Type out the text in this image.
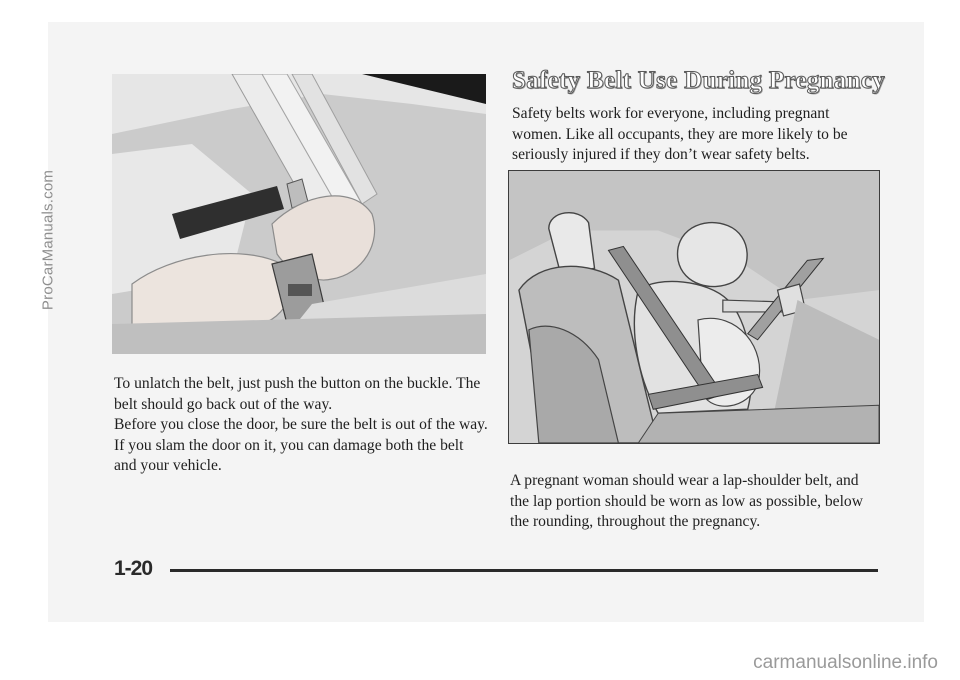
ProCarManuals.com
Safety Belt Use During Pregnancy

Safety belts work for everyone, including pregnant women. Like all occupants, they are more likely to be seriously injured if they don’t wear safety belts.

To unlatch the belt, just push the button on the buckle. The belt should go back out of the way.

Before you close the door, be sure the belt is out of the way. If you slam the door on it, you can damage both the belt and your vehicle.

A pregnant woman should wear a lap-shoulder belt, and the lap portion should be worn as low as possible, below the rounding, throughout the pregnancy.

1-20
carmanualsonline.info
